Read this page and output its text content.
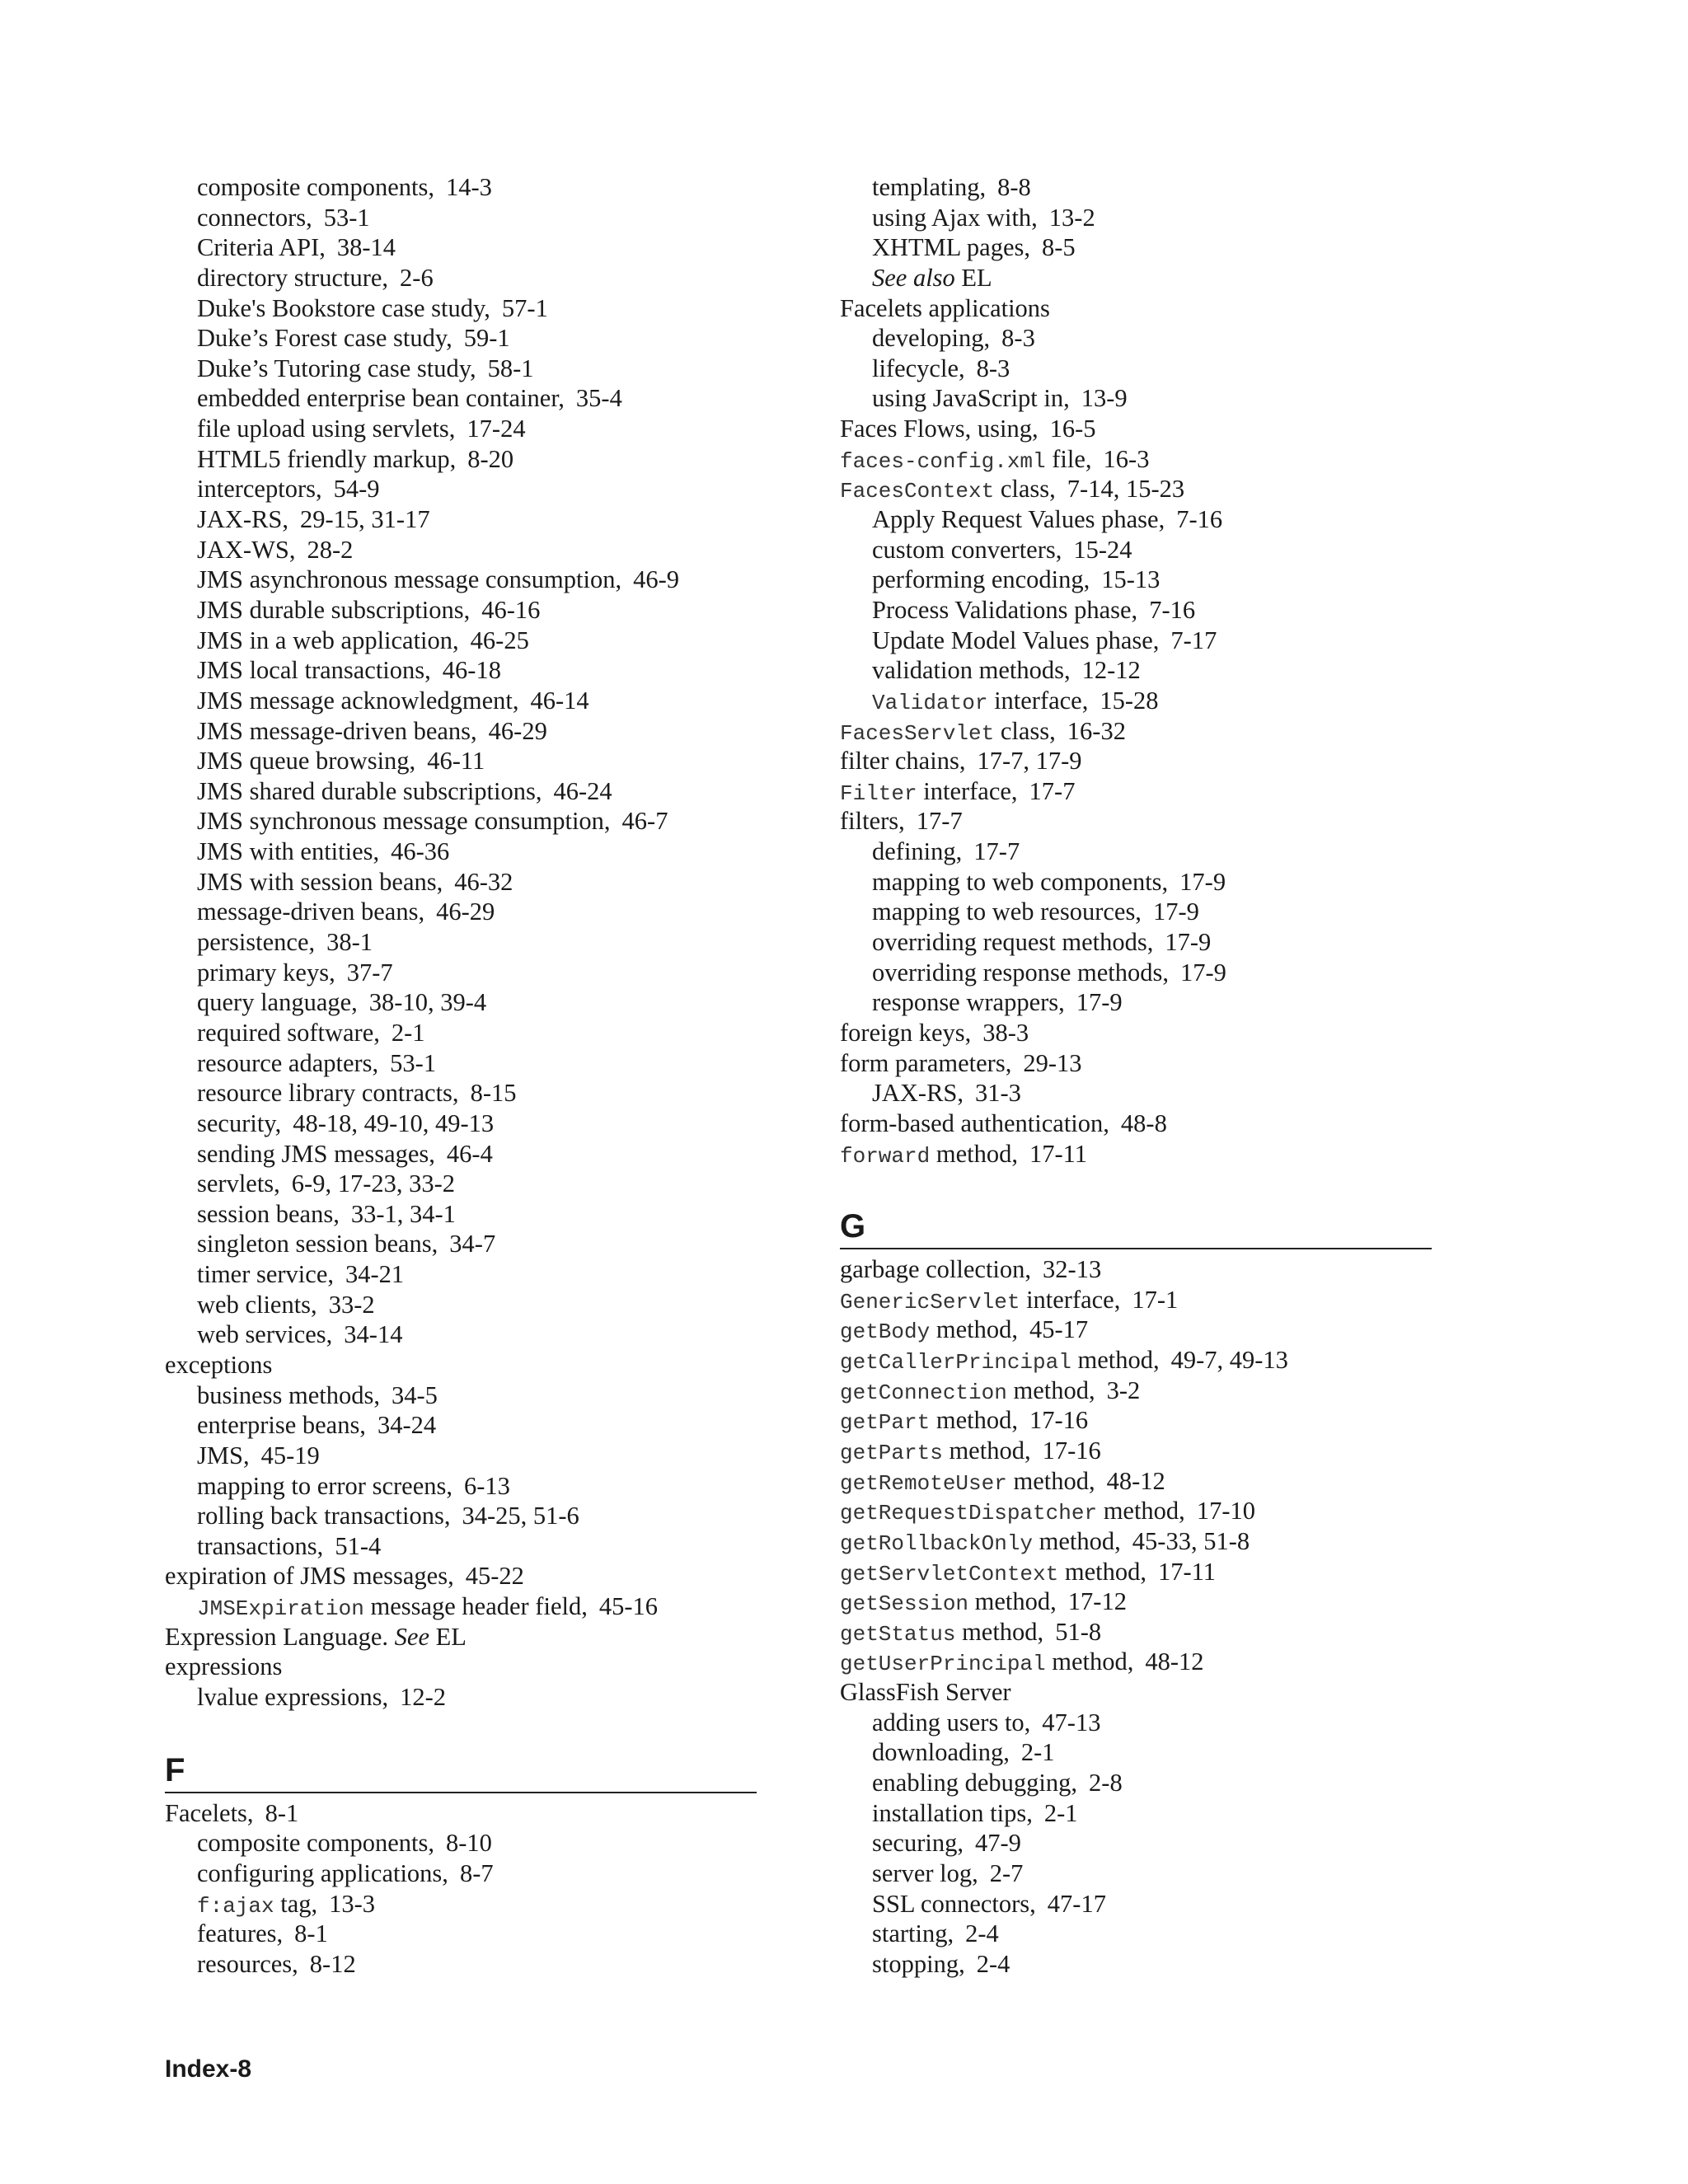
composite components, 14-3
connectors, 53-1
Criteria API, 38-14
directory structure, 2-6
Duke's Bookstore case study, 57-1
Duke’s Forest case study, 59-1
Duke’s Tutoring case study, 58-1
embedded enterprise bean container, 35-4
file upload using servlets, 17-24
HTML5 friendly markup, 8-20
interceptors, 54-9
JAX-RS, 29-15, 31-17
JAX-WS, 28-2
JMS asynchronous message consumption, 46-9
JMS durable subscriptions, 46-16
JMS in a web application, 46-25
JMS local transactions, 46-18
JMS message acknowledgment, 46-14
JMS message-driven beans, 46-29
JMS queue browsing, 46-11
JMS shared durable subscriptions, 46-24
JMS synchronous message consumption, 46-7
JMS with entities, 46-36
JMS with session beans, 46-32
message-driven beans, 46-29
persistence, 38-1
primary keys, 37-7
query language, 38-10, 39-4
required software, 2-1
resource adapters, 53-1
resource library contracts, 8-15
security, 48-18, 49-10, 49-13
sending JMS messages, 46-4
servlets, 6-9, 17-23, 33-2
session beans, 33-1, 34-1
singleton session beans, 34-7
timer service, 34-21
web clients, 33-2
web services, 34-14
exceptions
business methods, 34-5
enterprise beans, 34-24
JMS, 45-19
mapping to error screens, 6-13
rolling back transactions, 34-25, 51-6
transactions, 51-4
expiration of JMS messages, 45-22
JMSExpiration message header field, 45-16
Expression Language. See EL
expressions
lvalue expressions, 12-2
F
Facelets, 8-1
composite components, 8-10
configuring applications, 8-7
f:ajax tag, 13-3
features, 8-1
resources, 8-12
templating, 8-8
using Ajax with, 13-2
XHTML pages, 8-5
See also EL
Facelets applications
developing, 8-3
lifecycle, 8-3
using JavaScript in, 13-9
Faces Flows, using, 16-5
faces-config.xml file, 16-3
FacesContext class, 7-14, 15-23
Apply Request Values phase, 7-16
custom converters, 15-24
performing encoding, 15-13
Process Validations phase, 7-16
Update Model Values phase, 7-17
validation methods, 12-12
Validator interface, 15-28
FacesServlet class, 16-32
filter chains, 17-7, 17-9
Filter interface, 17-7
filters, 17-7
defining, 17-7
mapping to web components, 17-9
mapping to web resources, 17-9
overriding request methods, 17-9
overriding response methods, 17-9
response wrappers, 17-9
foreign keys, 38-3
form parameters, 29-13
JAX-RS, 31-3
form-based authentication, 48-8
forward method, 17-11
G
garbage collection, 32-13
GenericServlet interface, 17-1
getBody method, 45-17
getCallerPrincipal method, 49-7, 49-13
getConnection method, 3-2
getPart method, 17-16
getParts method, 17-16
getRemoteUser method, 48-12
getRequestDispatcher method, 17-10
getRollbackOnly method, 45-33, 51-8
getServletContext method, 17-11
getSession method, 17-12
getStatus method, 51-8
getUserPrincipal method, 48-12
GlassFish Server
adding users to, 47-13
downloading, 2-1
enabling debugging, 2-8
installation tips, 2-1
securing, 47-9
server log, 2-7
SSL connectors, 47-17
starting, 2-4
stopping, 2-4
Index-8
